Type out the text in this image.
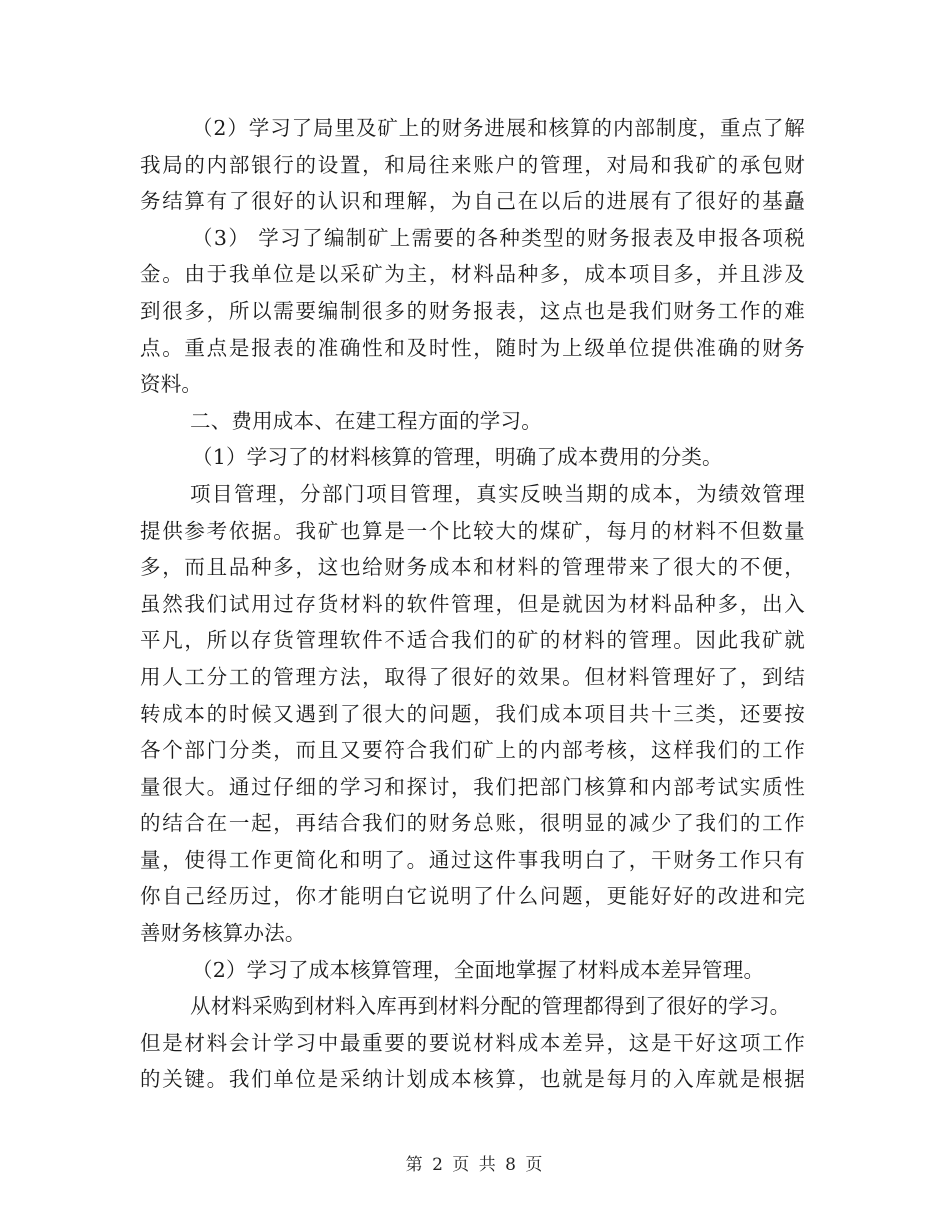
（2）学习了局里及矿上的财务进展和核算的内部制度，重点了解
我局的内部银行的设置，和局往来账户的管理，对局和我矿的承包财
务结算有了很好的认识和理解，为自己在以后的进展有了很好的基矗
（3） 学习了编制矿上需要的各种类型的财务报表及申报各项税
金。由于我单位是以采矿为主，材料品种多，成本项目多，并且涉及
到很多，所以需要编制很多的财务报表，这点也是我们财务工作的难
点。重点是报表的准确性和及时性，随时为上级单位提供准确的财务
资料。
二、费用成本、在建工程方面的学习。
（1）学习了的材料核算的管理，明确了成本费用的分类。
项目管理，分部门项目管理，真实反映当期的成本，为绩效管理
提供参考依据。我矿也算是一个比较大的煤矿，每月的材料不但数量
多，而且品种多，这也给财务成本和材料的管理带来了很大的不便，
虽然我们试用过存货材料的软件管理，但是就因为材料品种多，出入
平凡，所以存货管理软件不适合我们的矿的材料的管理。因此我矿就
用人工分工的管理方法，取得了很好的效果。但材料管理好了，到结
转成本的时候又遇到了很大的问题，我们成本项目共十三类，还要按
各个部门分类，而且又要符合我们矿上的内部考核，这样我们的工作
量很大。通过仔细的学习和探讨，我们把部门核算和内部考试实质性
的结合在一起，再结合我们的财务总账，很明显的减少了我们的工作
量，使得工作更简化和明了。通过这件事我明白了，干财务工作只有
你自己经历过，你才能明白它说明了什么问题，更能好好的改进和完
善财务核算办法。
（2）学习了成本核算管理，全面地掌握了材料成本差异管理。
从材料采购到材料入库再到材料分配的管理都得到了很好的学习。
但是材料会计学习中最重要的要说材料成本差异，这是干好这项工作
的关键。我们单位是采纳计划成本核算，也就是每月的入库就是根据
第 2 页 共 8 页
